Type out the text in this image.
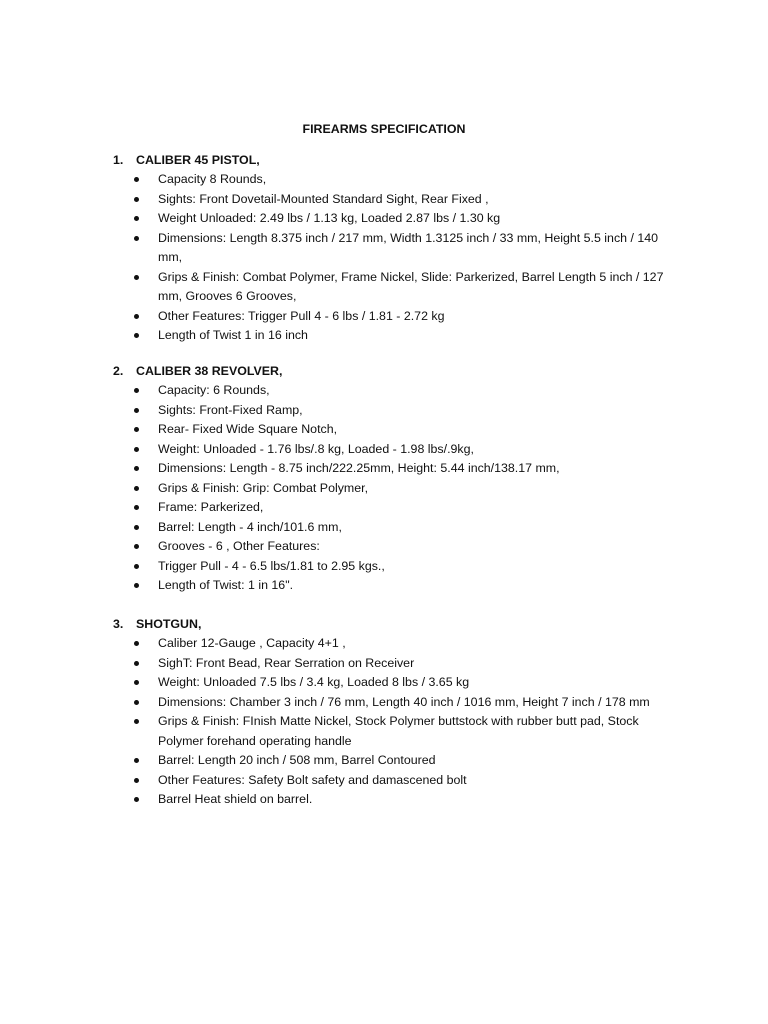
FIREARMS SPECIFICATION
1. CALIBER 45 PISTOL,
Capacity 8 Rounds,
Sights: Front Dovetail-Mounted Standard Sight, Rear Fixed ,
Weight Unloaded: 2.49 lbs / 1.13 kg, Loaded 2.87 lbs / 1.30 kg
Dimensions: Length 8.375 inch / 217 mm, Width 1.3125 inch / 33 mm, Height 5.5 inch / 140 mm,
Grips & Finish: Combat Polymer, Frame Nickel, Slide: Parkerized, Barrel Length 5 inch / 127 mm, Grooves 6 Grooves,
Other Features: Trigger Pull 4 - 6 lbs / 1.81 - 2.72 kg
Length of Twist 1 in 16 inch
2. CALIBER 38 REVOLVER,
Capacity: 6 Rounds,
Sights: Front-Fixed Ramp,
Rear- Fixed Wide Square Notch,
Weight: Unloaded - 1.76 lbs/.8 kg, Loaded - 1.98 lbs/.9kg,
Dimensions: Length - 8.75 inch/222.25mm, Height: 5.44 inch/138.17 mm,
Grips & Finish: Grip: Combat Polymer,
Frame: Parkerized,
Barrel: Length - 4 inch/101.6 mm,
Grooves - 6 , Other Features:
Trigger Pull - 4 - 6.5 lbs/1.81 to 2.95 kgs.,
Length of Twist: 1 in 16".
3. SHOTGUN,
Caliber 12-Gauge , Capacity 4+1 ,
SighT: Front Bead, Rear Serration on Receiver
Weight: Unloaded 7.5 lbs / 3.4 kg, Loaded 8 lbs / 3.65 kg
Dimensions: Chamber 3 inch / 76 mm, Length 40 inch / 1016 mm, Height 7 inch / 178 mm
Grips & Finish: FInish Matte Nickel, Stock Polymer buttstock with rubber butt pad, Stock Polymer forehand operating handle
Barrel: Length 20 inch / 508 mm, Barrel Contoured
Other Features: Safety Bolt safety and damascened bolt
Barrel Heat shield on barrel.
